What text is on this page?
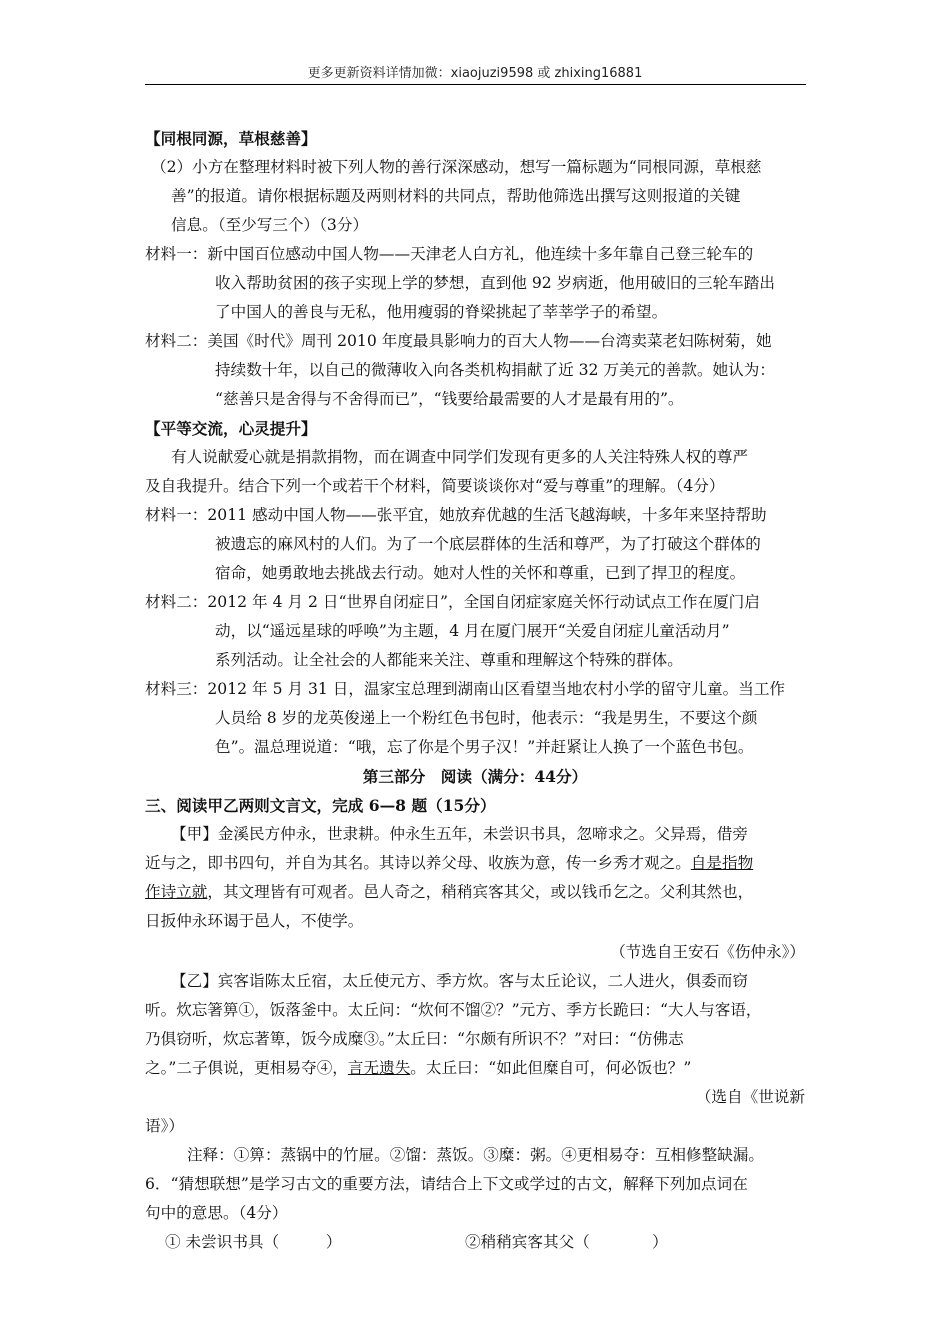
更多更新资料详情加微：xiaojuzi9598 或 zhixing16881
【同根同源，草根慈善】
（2）小方在整理材料时被下列人物的善行深深感动，想写一篇标题为“同根同源，草根慈
善”的报道。请你根据标题及两则材料的共同点，帮助他筛选出撰写这则报道的关键
信息。（至少写三个）（3分）
材料一：新中国百位感动中国人物——天津老人白方礼，他连续十多年靠自己登三轮车的
收入帮助贫困的孩子实现上学的梦想，直到他 92 岁病逝，他用破旧的三轮车踏出
了中国人的善良与无私，他用瘦弱的脊梁挑起了莘莘学子的希望。
材料二：美国《时代》周刊 2010 年度最具影响力的百大人物——台湾卖菜老妇陈树菊，她
持续数十年，以自己的微薄收入向各类机构捐献了近 32 万美元的善款。她认为：
“慈善只是舍得与不舍得而已”，“钱要给最需要的人才是最有用的”。
【平等交流，心灵提升】
有人说献爱心就是捐款捐物，而在调查中同学们发现有更多的人关注特殊人权的尊严
及自我提升。结合下列一个或若干个材料，简要谈谈你对“爱与尊重”的理解。（4分）
材料一：2011 感动中国人物——张平宜，她放弃优越的生活飞越海峡，十多年来坚持帮助
被遗忘的麻风村的人们。为了一个底层群体的生活和尊严，为了打破这个群体的
宿命，她勇敢地去挑战去行动。她对人性的关怀和尊重，已到了捍卫的程度。
材料二：2012 年 4 月 2 日“世界自闭症日”，全国自闭症家庭关怀行动试点工作在厦门启
动，以“遥远星球的呼唤”为主题，4 月在厦门展开“关爱自闭症儿童活动月”
系列活动。让全社会的人都能来关注、尊重和理解这个特殊的群体。
材料三：2012 年 5 月 31 日，温家宝总理到湖南山区看望当地农村小学的留守儿童。当工作
人员给 8 岁的龙英俊递上一个粉红色书包时，他表示：“我是男生，不要这个颜
色”。温总理说道：“哦，忘了你是个男子汉！”并赶紧让人换了一个蓝色书包。
第三部分　阅读（满分：44分）
三、阅读甲乙两则文言文，完成 6—8 题（15分）
【甲】金溪民方仲永，世隶耕。仲永生五年，未尝识书具，忽啼求之。父异焉，借旁
近与之，即书四句，并自为其名。其诗以养父母、收族为意，传一乡秀才观之。自是指物
作诗立就，其文理皆有可观者。邑人奇之，稍稍宾客其父，或以钱币乞之。父利其然也，
日扳仲永环谒于邑人，不使学。
（节选自王安石《伤仲永》）
【乙】宾客诣陈太丘宿，太丘使元方、季方炊。客与太丘论议，二人进火，俱委而窃
听。炊忘箸箅①，饭落釜中。太丘问：“炊何不馏②？”元方、季方长跪曰：“大人与客语，
乃俱窃听，炊忘著箄，饭今成糜③。”太丘曰：“尔颇有所识不？”对曰：“仿佛志
之。”二子俱说，更相易夺④，言无遗失。太丘曰：“如此但糜自可，何必饭也？”
（选自《世说新
语》）
注释：①箅：蒸锅中的竹屉。②馏：蒸饭。③糜：粥。④更相易夺：互相修整缺漏。
6．“猜想联想”是学习古文的重要方法，请结合上下文或学过的古文，解释下列加点词在
句中的意思。（4分）
① 未尝识书具（　　　）	②稍稍宾客其父（　　　　）
